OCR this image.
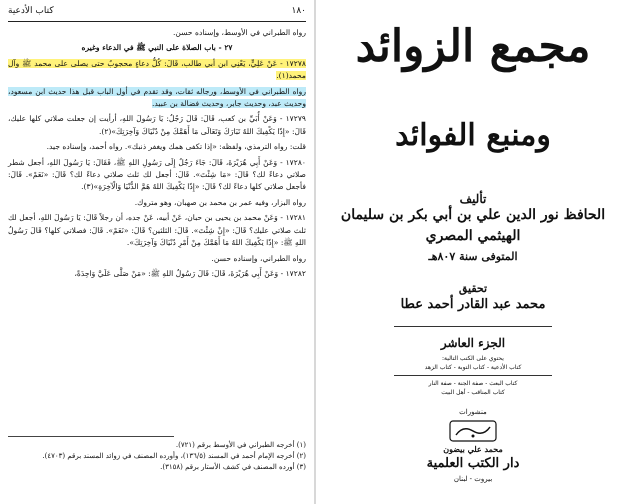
١٨٠
كتاب الأدعية

رواه الطبراني في الأوسط، وإسناده حسن.

٢٧ - باب الصلاة على النبي ﷺ في الدعاء وغيره

١٧٢٧٨ - عَنْ عَلِيٍّ، يَعْنِي ابن أبي طالب، قَالَ: كُلُّ دعاءٍ محجوبٌ حتى يصلى على محمد ﷺ وآل محمد(١).

رواه الطبراني في الأوسط، ورجاله ثقات، وقد تقدم في أول الباب قبل هذا حديث ابن مسعود، وحديث عبد، وحديث جابر، وحديث فضالة بن عبيد.

١٧٢٧٩ - وَعَنْ أُبَيِّ بن كعب، قَالَ: قَالَ رَجُلٌ: يَا رَسُولَ اللهِ، أرأيت إن جعلت صلاتي كلها عليك، قَالَ: «إِذًا يَكْفِيكَ اللهُ تَبَارَكَ وَتَعَالَى مَا أَهَمَّكَ مِنْ دُنْيَاكَ وَآخِرَتِكَ»(٢).

قلت: رواه الترمذي، ولفظه: «إذا تكفى همك ويغفر ذنبك». رواه أحمد، وإسناده جيد.

١٧٢٨٠ - وَعَنْ أَبِي هُرَيْرَةَ، قَالَ: جَاءَ رَجُلٌ إِلَى رَسُولِ اللهِ ﷺ، فَقَالَ: يَا رَسُولَ اللهِ، أجعل شطر صلاتي دعاءً لك؟ قَالَ: «مَا شِئْتَ». قَالَ: أجعل لك ثلث صلاتي دعاءً لك؟ قَالَ: «نَعَمْ». قَالَ: فأجعل صلاتي كلها دعاءً لك؟ قَالَ: «إِذًا يَكْفِيكَ اللهُ هَمَّ الدُّنْيَا وَالْآخِرَةِ»(٣).

رواه البزار، وفيه عمر بن محمد بن صهبان، وهو متروك.

١٧٢٨١ - وَعَنْ محمد بن يحيى بن حبان، عَنْ أبيه، عَنْ جده، أن رجلاً قَالَ: يَا رَسُولَ اللهِ، أجعل لك ثلث صلاتي عليك؟ قَالَ: «إِنْ شِئْتَ». قَالَ: الثلثين؟ قَالَ: «نَعَمْ». قَالَ: فصلاتي كلها؟ قَالَ رَسُولُ اللهِ ﷺ: «إِذًا يَكْفِيكَ اللهُ مَا أَهَمَّكَ مِنْ أَمْرِ دُنْيَاكَ وَآخِرَتِكَ».

رواه الطبراني، وإسناده حسن.

١٧٢٨٢ - وَعَنْ أَبِي هُرَيْرَةَ، قَالَ: قَالَ رَسُولُ اللهِ ﷺ: «مَنْ صَلَّى عَلَيَّ وَاحِدَةً،

(١) أخرجه الطبراني في الأوسط برقم (٧٢١).
(٢) أخرجه الإمام أحمد في المسند (١٣٦/٥)، وأورده المصنف في زوائد المسند برقم (٤٧٠٣).
(٣) أورده المصنف في كشف الأستار برقم (٣١٥٨).
مجمع الزوائد
ومنبع الفوائد
تأليف
الحافظ نور الدين علي بن أبي بكر بن سليمان
الهيثمي المصري
المتوفى سنة ٨٠٧هـ
تحقيق
محمد عبد القادر أحمد عطا
الجزء العاشر
يحتوي على الكتب التالية:
كتاب الأدعية - كتاب التوبة - كتاب الزهد
كتاب البعث - صفة الجنة - صفة النار
كتاب المناقب - أهل البيت
منشورات
محمد علي بيضون
دار الكتب العلمية
بيروت - لبنان
